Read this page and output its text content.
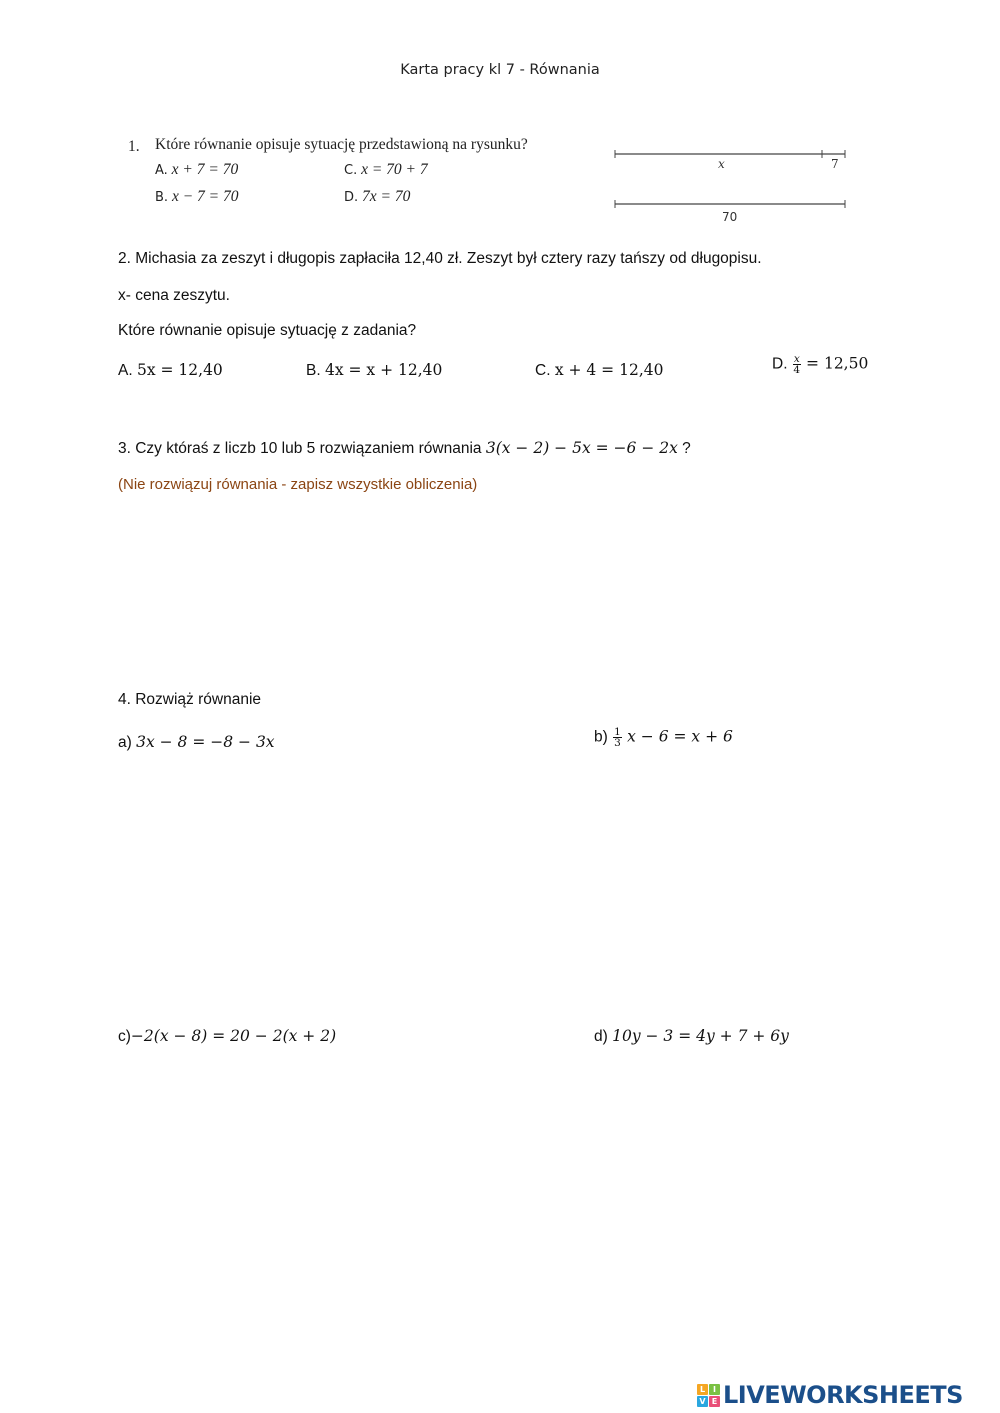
Karta pracy kl 7 - Równania
1. Które równanie opisuje sytuację przedstawioną na rysunku?
A. x + 7 = 70
B. x − 7 = 70
C. x = 70 + 7
D. 7x = 70
x	7
70
2. Michasia za zeszyt i długopis zapłaciła 12,40 zł. Zeszyt był cztery razy tańszy od długopisu.
x- cena zeszytu.
Które równanie opisuje sytuację z zadania?
A. 5x = 12,40	B. 4x = x + 12,40	C. x + 4 = 12,40	D. $\frac{x}{4} = 12,50$
3. Czy któraś z liczb 10 lub 5 rozwiązaniem równania 3(x − 2) − 5x = −6 − 2x ?
(Nie rozwiązuj równania - zapisz wszystkie obliczenia)
4. Rozwiąż równanie
a) 3x − 8 = −8 − 3x	$b) \frac{1}{3}$ x − 6 = x + 6
c)−2(x − 8) = 20 − 2(x + 2)	d) 10y − 3 = 4y + 7 + 6y
L I
V E LIVEWORKSHEETS
